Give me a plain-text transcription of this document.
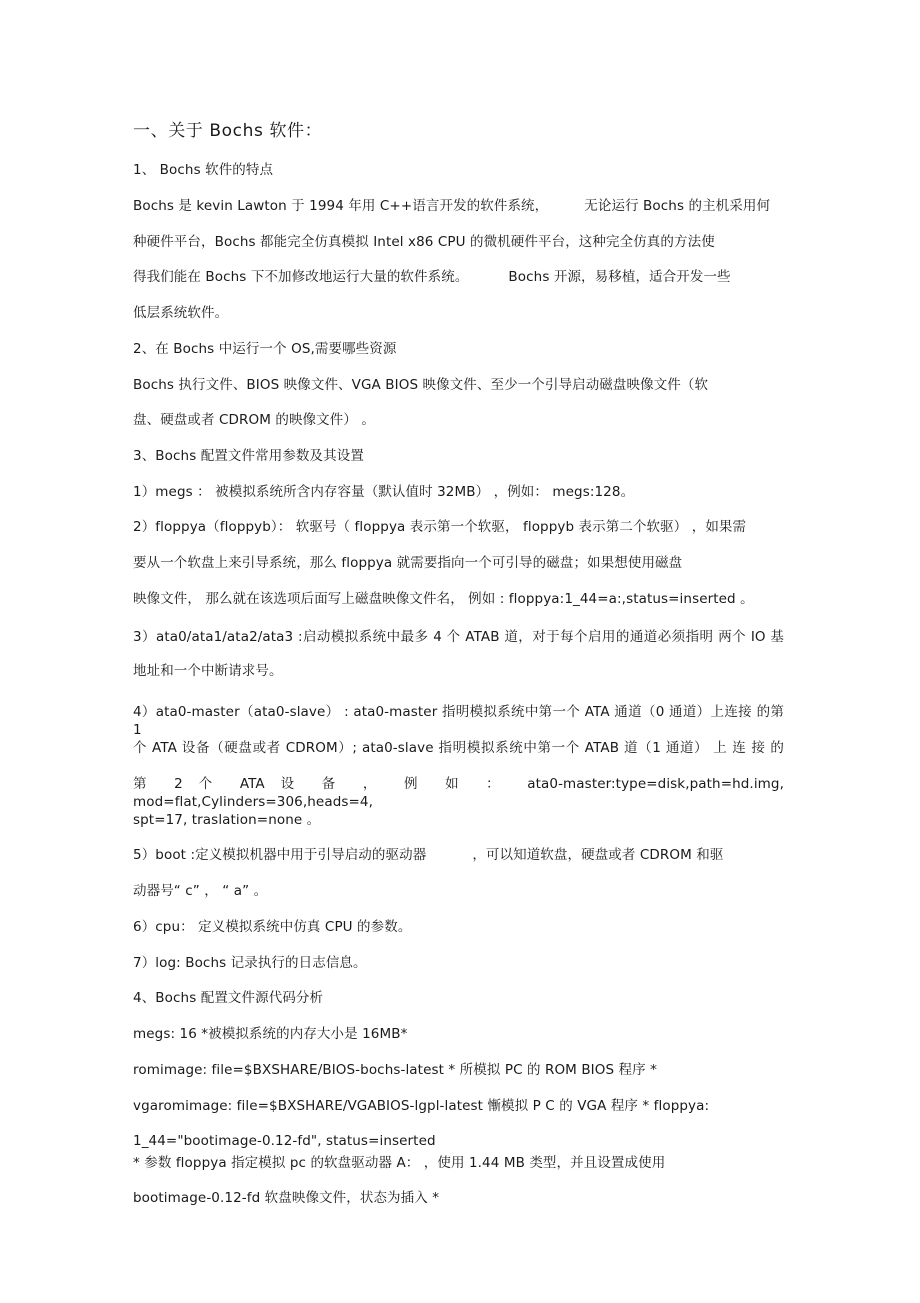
一、关于 Bochs 软件：
1、 Bochs 软件的特点
Bochs 是 kevin Lawton 于 1994 年用 C++语言开发的软件系统，	无论运行 Bochs 的主机采用何
种硬件平台，Bochs 都能完全仿真模拟 Intel x86 CPU 的微机硬件平台，这种完全仿真的方法使
得我们能在 Bochs 下不加修改地运行大量的软件系统。	Bochs 开源，易移植，适合开发一些
低层系统软件。
2、在 Bochs 中运行一个 OS,需要哪些资源
Bochs 执行文件、BIOS 映像文件、VGA BIOS 映像文件、至少一个引导启动磁盘映像文件（软
盘、硬盘或者 CDROM 的映像文件） 。
3、Bochs 配置文件常用参数及其设置
1）megs ： 被模拟系统所含内存容量（默认值时 32MB） ，例如： megs:128。
2）floppya（floppyb）： 软驱号（ floppya 表示第一个软驱， floppyb 表示第二个软驱） ，如果需
要从一个软盘上来引导系统，那么 floppya 就需要指向一个可引导的磁盘；如果想使用磁盘
映像文件， 那么就在该选项后面写上磁盘映像文件名， 例如 : floppya:1_44=a:,status=inserted 。
3）ata0/ata1/ata2/ata3 :启动模拟系统中最多 4 个 ATAB 道，对于每个启用的通道必须指明 两个 IO 基
地址和一个中断请求号。
4）ata0-master（ata0-slave） : ata0-master 指明模拟系统中第一个 ATA 通道（0 通道）上连接 的第 1
个 ATA 设备（硬盘或者 CDROM）; ata0-slave 指明模拟系统中第一个 ATAB 道（1 通道） 上 连 接 的
第 2 个 ATA 设 备 ， 例 如 ： ata0-master:type=disk,path=hd.img, mod=flat,Cylinders=306,heads=4,
spt=17, traslation=none 。
5）boot :定义模拟机器中用于引导启动的驱动器	，可以知道软盘，硬盘或者 CDROM 和驱
动器号“ c” ， “ a” 。
6）cpu： 定义模拟系统中仿真 CPU 的参数。
7）log: Bochs 记录执行的日志信息。
4、Bochs 配置文件源代码分析
megs: 16 *被模拟系统的内存大小是 16MB*
romimage: file=$BXSHARE/BIOS-bochs-latest * 所模拟 PC 的 ROM BIOS 程序 *
vgaromimage: file=$BXSHARE/VGABIOS-lgpl-latest 慚模拟 P C 的 VGA 程序 * floppya:
1_44="bootimage-0.12-fd", status=inserted
* 参数 floppya 指定模拟 pc 的软盘驱动器 A： ，使用 1.44 MB 类型，并且设置成使用
bootimage-0.12-fd 软盘映像文件，状态为插入 *
